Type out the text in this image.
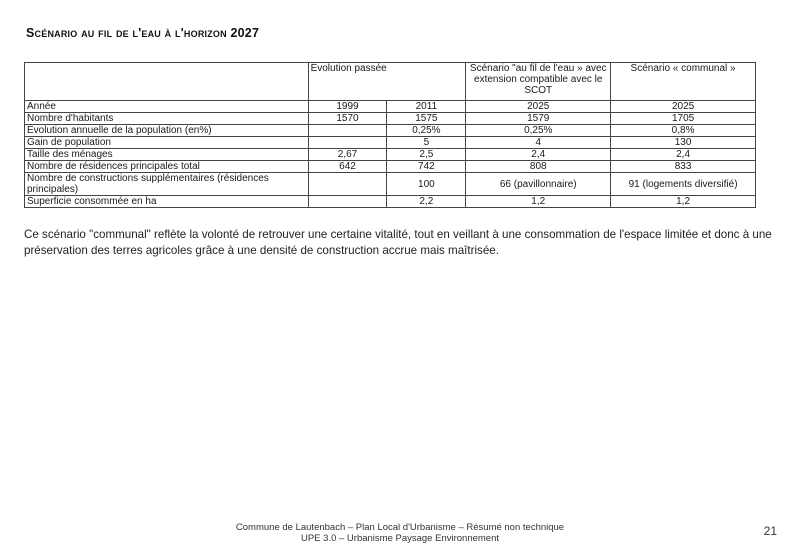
Scénario au fil de l'eau à l'horizon 2027
	Évolution passée		Scénario "au fil de l'eau » avec extension compatible avec le SCOT	Scénario « communal »
Année	1999	2011	2025	2025
Nombre d'habitants	1570	1575	1579	1705
Évolution annuelle de la population (en%)		0,25%	0,25%	0,8%
Gain de population		5	4	130
Taille des ménages	2,67	2,5	2,4	2,4
Nombre de résidences principales total	642	742	808	833
Nombre de constructions supplémentaires (résidences principales)		100	66 (pavillonnaire)	91 (logements diversifié)
Superficie consommée en ha		2,2	1,2	1,2
Ce scénario "communal" reflète la volonté de retrouver une certaine vitalité, tout en veillant à une consommation de l'espace limitée et donc à une préservation des terres agricoles grâce à une densité de construction accrue mais maîtrisée.
Commune de Lautenbach – Plan Local d'Urbanisme – Résumé non technique
UPE 3.0 – Urbanisme Paysage Environnement
21
